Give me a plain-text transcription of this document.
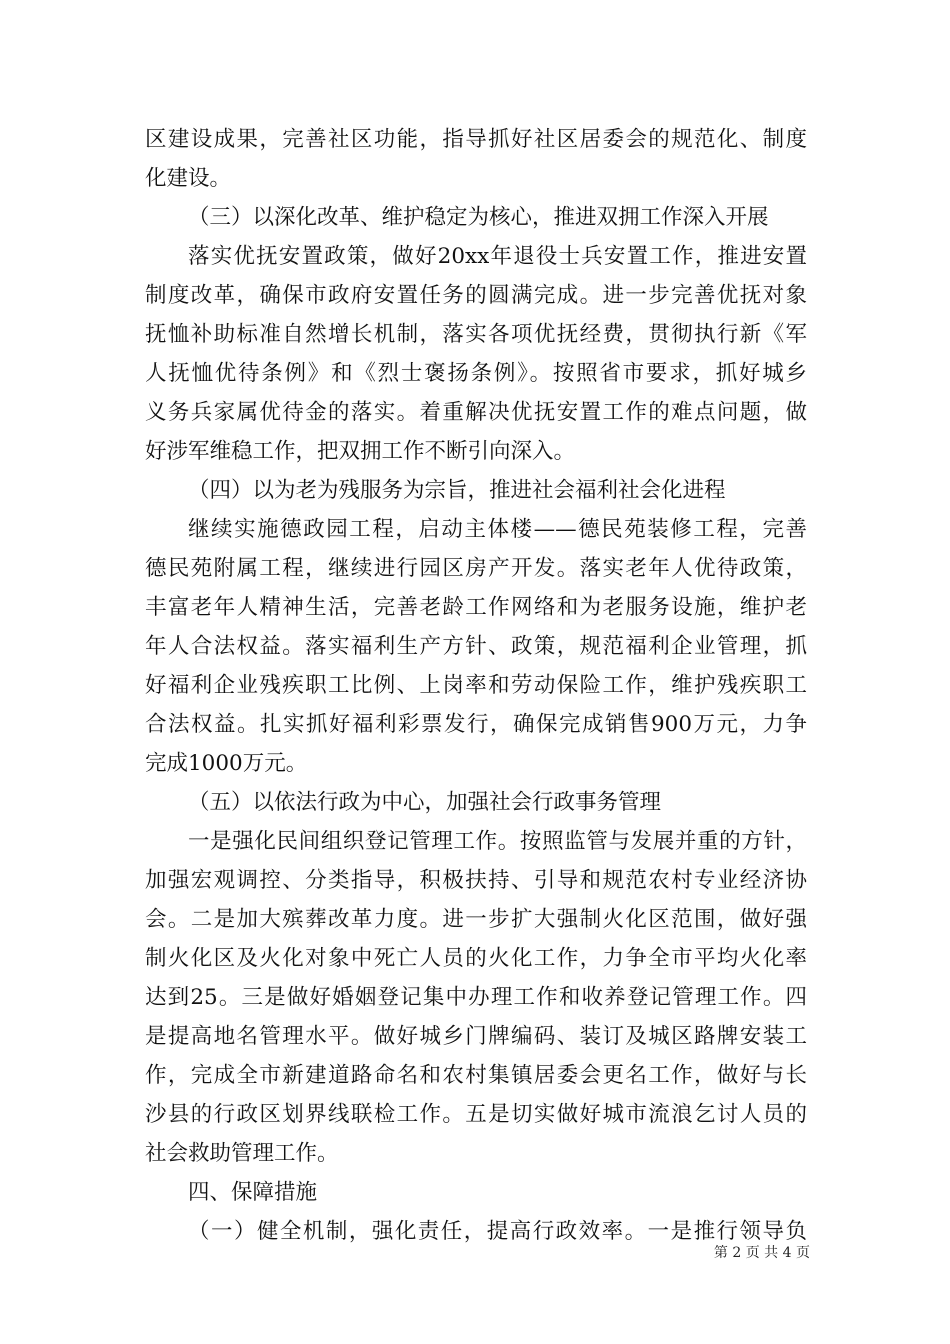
区建设成果，完善社区功能，指导抓好社区居委会的规范化、制度
化建设。
（三）以深化改革、维护稳定为核心，推进双拥工作深入开展
落实优抚安置政策，做好20xx年退役士兵安置工作，推进安置
制度改革，确保市政府安置任务的圆满完成。进一步完善优抚对象
抚恤补助标准自然增长机制，落实各项优抚经费，贯彻执行新《军
人抚恤优待条例》和《烈士褒扬条例》。按照省市要求，抓好城乡
义务兵家属优待金的落实。着重解决优抚安置工作的难点问题，做
好涉军维稳工作，把双拥工作不断引向深入。
（四）以为老为残服务为宗旨，推进社会福利社会化进程
继续实施德政园工程，启动主体楼——德民苑装修工程，完善
德民苑附属工程，继续进行园区房产开发。落实老年人优待政策，
丰富老年人精神生活，完善老龄工作网络和为老服务设施，维护老
年人合法权益。落实福利生产方针、政策，规范福利企业管理，抓
好福利企业残疾职工比例、上岗率和劳动保险工作，维护残疾职工
合法权益。扎实抓好福利彩票发行，确保完成销售900万元，力争
完成1000万元。
（五）以依法行政为中心，加强社会行政事务管理
一是强化民间组织登记管理工作。按照监管与发展并重的方针，
加强宏观调控、分类指导，积极扶持、引导和规范农村专业经济协
会。二是加大殡葬改革力度。进一步扩大强制火化区范围，做好强
制火化区及火化对象中死亡人员的火化工作，力争全市平均火化率
达到25。三是做好婚姻登记集中办理工作和收养登记管理工作。四
是提高地名管理水平。做好城乡门牌编码、装订及城区路牌安装工
作，完成全市新建道路命名和农村集镇居委会更名工作，做好与长
沙县的行政区划界线联检工作。五是切实做好城市流浪乞讨人员的
社会救助管理工作。
四、保障措施
（一）健全机制，强化责任，提高行政效率。一是推行领导负
第 2 页 共 4 页
